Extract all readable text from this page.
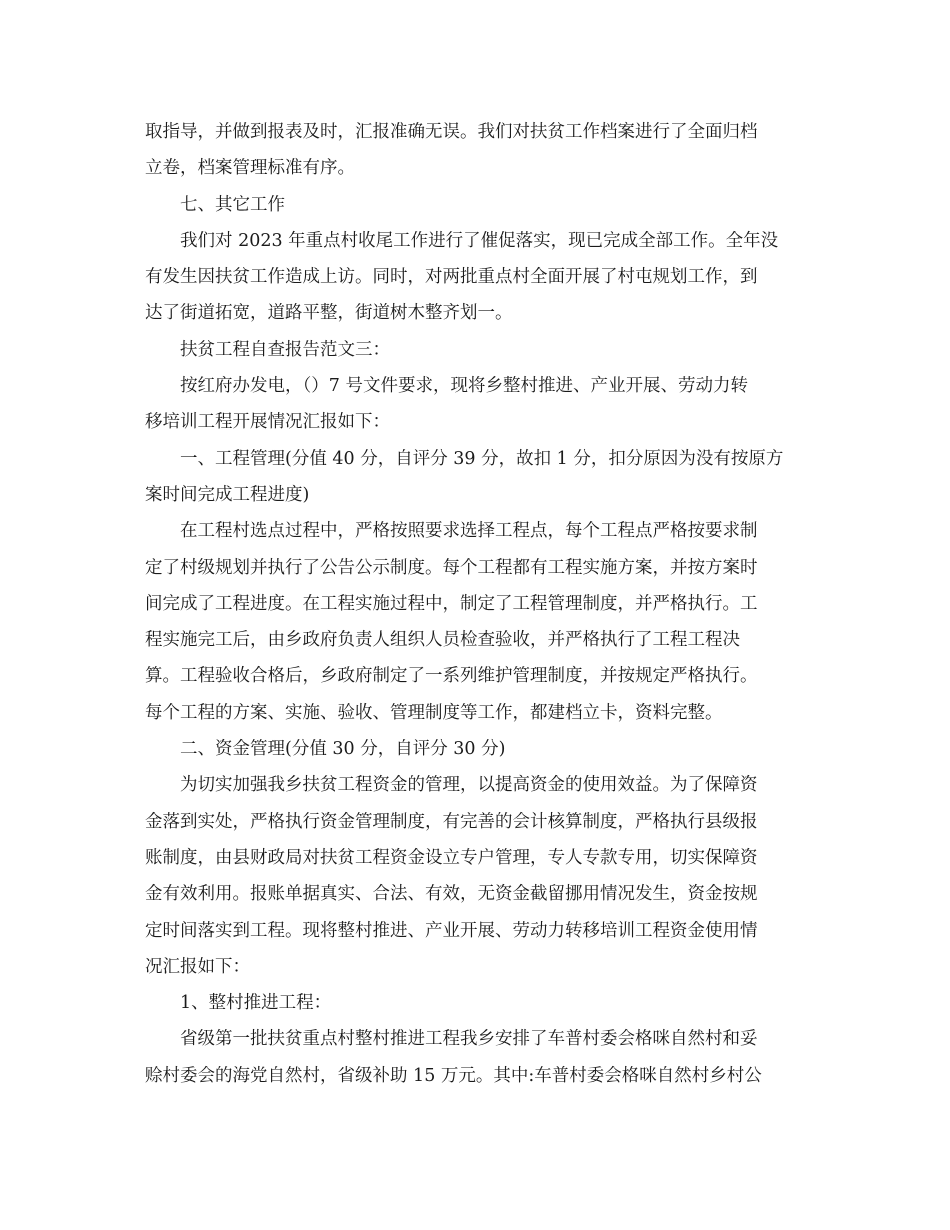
取指导，并做到报表及时，汇报准确无误。我们对扶贫工作档案进行了全面归档
立卷，档案管理标准有序。
七、其它工作
我们对 2023 年重点村收尾工作进行了催促落实，现已完成全部工作。全年没
有发生因扶贫工作造成上访。同时，对两批重点村全面开展了村屯规划工作，到
达了街道拓宽，道路平整，街道树木整齐划一。
扶贫工程自查报告范文三：
按红府办发电，（）7 号文件要求，现将乡整村推进、产业开展、劳动力转
移培训工程开展情况汇报如下：
一、工程管理(分值 40 分，自评分 39 分，故扣 1 分，扣分原因为没有按原方
案时间完成工程进度)
在工程村选点过程中，严格按照要求选择工程点，每个工程点严格按要求制
定了村级规划并执行了公告公示制度。每个工程都有工程实施方案，并按方案时
间完成了工程进度。在工程实施过程中，制定了工程管理制度，并严格执行。工
程实施完工后，由乡政府负责人组织人员检查验收，并严格执行了工程工程决
算。工程验收合格后，乡政府制定了一系列维护管理制度，并按规定严格执行。
每个工程的方案、实施、验收、管理制度等工作，都建档立卡，资料完整。
二、资金管理(分值 30 分，自评分 30 分)
为切实加强我乡扶贫工程资金的管理，以提高资金的使用效益。为了保障资
金落到实处，严格执行资金管理制度，有完善的会计核算制度，严格执行县级报
账制度，由县财政局对扶贫工程资金设立专户管理，专人专款专用，切实保障资
金有效利用。报账单据真实、合法、有效，无资金截留挪用情况发生，资金按规
定时间落实到工程。现将整村推进、产业开展、劳动力转移培训工程资金使用情
况汇报如下：
1、整村推进工程：
省级第一批扶贫重点村整村推进工程我乡安排了车普村委会格咪自然村和妥
赊村委会的海党自然村，省级补助 15 万元。其中:车普村委会格咪自然村乡村公
